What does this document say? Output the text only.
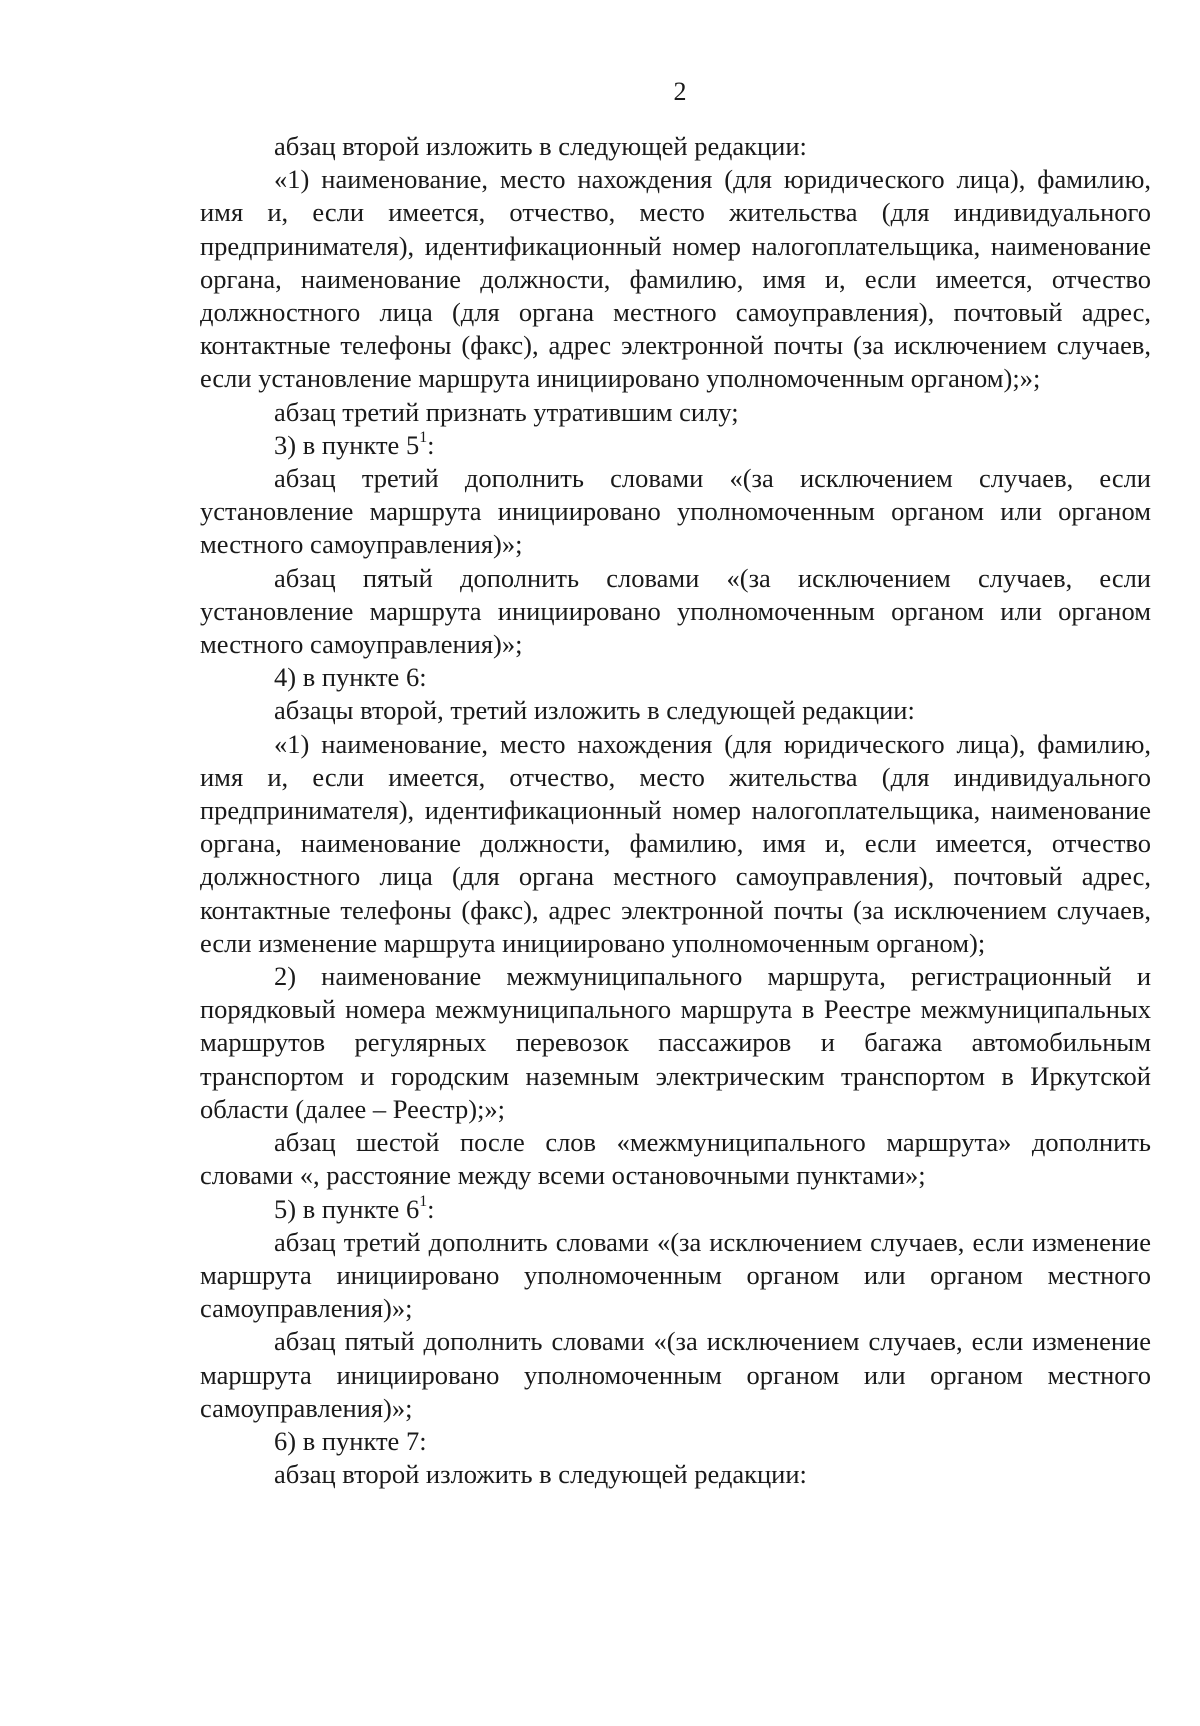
2

абзац второй изложить в следующей редакции:

«1) наименование, место нахождения (для юридического лица), фамилию, имя и, если имеется, отчество, место жительства (для индивидуального предпринимателя), идентификационный номер налогоплательщика, наименование органа, наименование должности, фамилию, имя и, если имеется, отчество должностного лица (для органа местного самоуправления), почтовый адрес, контактные телефоны (факс), адрес электронной почты (за исключением случаев, если установление маршрута инициировано уполномоченным органом);»;

абзац третий признать утратившим силу;

3) в пункте $5^1$:

абзац третий дополнить словами «(за исключением случаев, если установление маршрута инициировано уполномоченным органом или органом местного самоуправления)»;

абзац пятый дополнить словами «(за исключением случаев, если установление маршрута инициировано уполномоченным органом или органом местного самоуправления)»;

4) в пункте 6:

абзацы второй, третий изложить в следующей редакции:

«1) наименование, место нахождения (для юридического лица), фамилию, имя и, если имеется, отчество, место жительства (для индивидуального предпринимателя), идентификационный номер налогоплательщика, наименование органа, наименование должности, фамилию, имя и, если имеется, отчество должностного лица (для органа местного самоуправления), почтовый адрес, контактные телефоны (факс), адрес электронной почты (за исключением случаев, если изменение маршрута инициировано уполномоченным органом);

2) наименование межмуниципального маршрута, регистрационный и порядковый номера межмуниципального маршрута в Реестре межмуниципальных маршрутов регулярных перевозок пассажиров и багажа автомобильным транспортом и городским наземным электрическим транспортом в Иркутской области (далее – Реестр);»;

абзац шестой после слов «межмуниципального маршрута» дополнить словами «, расстояние между всеми остановочными пунктами»;

5) в пункте $6^1$:

абзац третий дополнить словами «(за исключением случаев, если изменение маршрута инициировано уполномоченным органом или органом местного самоуправления)»;

абзац пятый дополнить словами «(за исключением случаев, если изменение маршрута инициировано уполномоченным органом или органом местного самоуправления)»;

6) в пункте 7:

абзац второй изложить в следующей редакции:
